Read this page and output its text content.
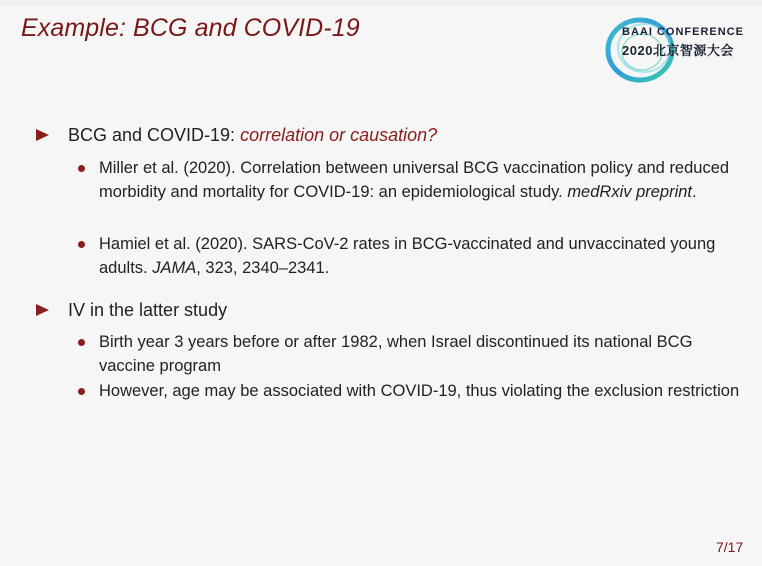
Example: BCG and COVID-19	BAAI CONFERENCE
2020北京智源大会
BCG and COVID-19: correlation or causation?
Miller et al. (2020). Correlation between universal BCG vaccination policy and reduced morbidity and mortality for COVID-19: an epidemiological study. medRxiv preprint.
Hamiel et al. (2020). SARS-CoV-2 rates in BCG-vaccinated and unvaccinated young adults. JAMA, 323, 2340–2341.
IV in the latter study
Birth year 3 years before or after 1982, when Israel discontinued its national BCG vaccine program
However, age may be associated with COVID-19, thus violating the exclusion restriction
7/17
